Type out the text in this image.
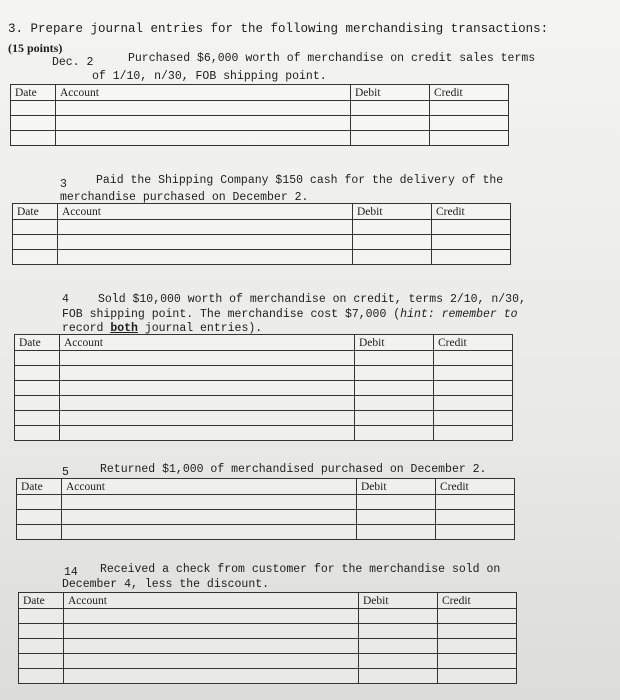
3. Prepare journal entries for the following merchandising transactions:
(15 points)
Dec. 2	Purchased $6,000 worth of merchandise on credit sales terms
of 1/10, n/30, FOB shipping point.
Date	Account	Debit	Credit

3	Paid the Shipping Company $150 cash for the delivery of the
merchandise purchased on December 2.
Date	Account	Debit	Credit

4	Sold $10,000 worth of merchandise on credit, terms 2/10, n/30,
FOB shipping point. The merchandise cost $7,000 (hint: remember to
record both journal entries).
Date	Account	Debit	Credit

5	Returned $1,000 of merchandised purchased on December 2.
Date	Account	Debit	Credit

14 Received a check from customer for the merchandise sold on
December 4, less the discount.
Date	Account	Debit	Credit
